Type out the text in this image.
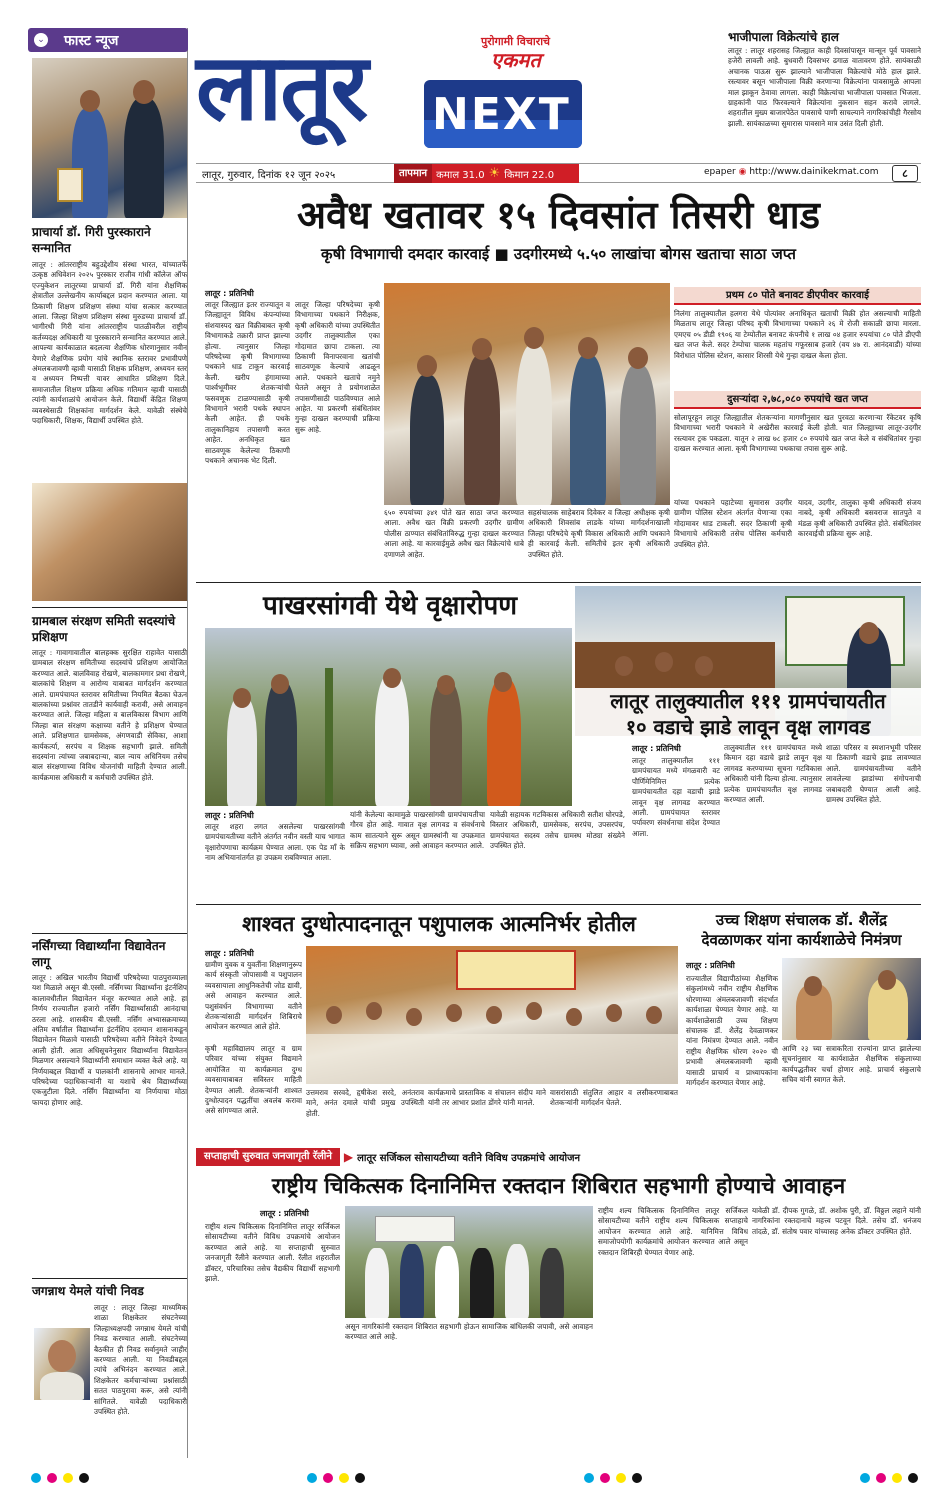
⌄ फास्ट न्यूज
प्राचार्या डॉ. गिरी पुरस्काराने सन्मानित
लातूर : आंतरराष्ट्रीय बहुउद्देशीय संस्था भारत, यांच्यातर्फे उत्कृष्ठ अधिवेशन २०२५ पुरस्कार राजीव गांधी कॉलेज ऑफ एज्युकेशन लातूरच्या प्राचार्या डॉ. गिरी यांना शैक्षणिक क्षेत्रातील उल्लेखनीय कार्याबद्दल प्रदान करण्यात आला. या ठिकाणी शिक्षण प्रशिक्षण संस्था यांचा सत्कार करण्यात आला. जिल्हा शिक्षण प्रशिक्षण संस्था मुरुडच्या प्राचार्या डॉ. भागीरथी गिरी यांना आंतरराष्ट्रीय पातळीवरील राष्ट्रीय कर्तव्यदक्ष अधिकारी या पुरस्काराने सन्मानित करण्यात आले. आपल्या कार्यकाळात बदलत्या शैक्षणिक धोरणानुसार नवीन येणारे शैक्षणिक प्रयोग यांचे स्थानिक स्तरावर प्रभावीपणे अंमलबजावणी व्हावी यासाठी शिक्षक प्रशिक्षण, अध्ययन स्तर व अध्ययन निष्पत्ती यावर आधारित प्रशिक्षण दिले. समाजातील शिक्षण प्रक्रिया अधिक गतिमान व्हावी यासाठी त्यांनी कार्यशाळांचे आयोजन केले. विद्यार्थी केंद्रित शिक्षण व्यवस्थेसाठी शिक्षकांना मार्गदर्शन केले. यावेळी संस्थेचे पदाधिकारी, शिक्षक, विद्यार्थी उपस्थित होते.
ग्रामबाल संरक्षण समिती सदस्यांचे प्रशिक्षण
लातूर : गावागावातील बालहक्क सुरक्षित राहावेत यासाठी ग्रामबाल संरक्षण समितीच्या सदस्यांचे प्रशिक्षण आयोजित करण्यात आले. बालविवाह रोखणे, बालकामगार प्रथा रोखणे, बालकांचे शिक्षण व आरोग्य याबाबत मार्गदर्शन करण्यात आले. ग्रामपंचायत स्तरावर समितीच्या नियमित बैठका घेऊन बालकांच्या प्रश्नांवर तातडीने कार्यवाही करावी, असे आवाहन करण्यात आले. जिल्हा महिला व बालविकास विभाग आणि जिल्हा बाल संरक्षण कक्षाच्या वतीने हे प्रशिक्षण घेण्यात आले. प्रशिक्षणात ग्रामसेवक, अंगणवाडी सेविका, आशा कार्यकर्त्या, सरपंच व शिक्षक सहभागी झाले. समिती सदस्यांना त्यांच्या जबाबदाऱ्या, बाल न्याय अधिनियम तसेच बाल संरक्षणाच्या विविध योजनांची माहिती देण्यात आली. कार्यक्रमास अधिकारी व कर्मचारी उपस्थित होते.
नर्सिंगच्या विद्यार्थ्यांना विद्यावेतन लागू
लातूर : अखिल भारतीय विद्यार्थी परिषदेच्या पाठपुराव्याला यश मिळाले असून बी.एस्सी. नर्सिंगच्या विद्यार्थ्यांना इंटर्नशिप कालावधीतील विद्यावेतन मंजूर करण्यात आले आहे. हा निर्णय राज्यातील हजारो नर्सिंग विद्यार्थ्यांसाठी आनंदाचा ठरला आहे. शासकीय बी.एस्सी. नर्सिंग अभ्यासक्रमाच्या अंतिम वर्षातील विद्यार्थ्यांना इंटर्नशिप दरम्यान शासनाकडून विद्यावेतन मिळावे यासाठी परिषदेच्या वतीने निवेदने देण्यात आली होती. आता अधिसूचनेनुसार विद्यार्थ्यांना विद्यावेतन मिळणार असल्याने विद्यार्थ्यांनी समाधान व्यक्त केले आहे. या निर्णयाबद्दल विद्यार्थी व पालकांनी शासनाचे आभार मानले. परिषदेच्या पदाधिकाऱ्यांनी या यशाचे श्रेय विद्यार्थ्यांच्या एकजुटीला दिले. नर्सिंग विद्यार्थ्यांना या निर्णयाचा मोठा फायदा होणार आहे.
जगन्नाथ येमले यांची निवड
लातूर : लातूर जिल्हा माध्यमिक शाळा शिक्षकेतर संघटनेच्या जिल्हाध्यक्षपदी जगन्नाथ येमले यांची निवड करण्यात आली. संघटनेच्या बैठकीत ही निवड सर्वानुमते जाहीर करण्यात आली. या निवडीबद्दल त्यांचे अभिनंदन करण्यात आले. शिक्षकेतर कर्मचाऱ्यांच्या प्रश्नांसाठी सतत पाठपुरावा करू, असे त्यांनी सांगितले. यावेळी पदाधिकारी उपस्थित होते.
लातूर	पुरोगामी विचाराचे
एकमत
NEXT
लातूर, गुरुवार, दिनांक १२ जून २०२५	तापमान कमाल 31.0 ☀ किमान 22.0	epaper ◉ http://www.dainikekmat.com	८
भाजीपाला विक्रेत्यांचे हाल
लातूर : लातूर शहरासह जिल्ह्यात काही दिवसांपासून मान्सून पूर्व पावसाने हजेरी लावली आहे. बुधवारी दिवसभर ढगाळ वातावरण होते. सायंकाळी अचानक पाऊस सुरू झाल्याने भाजीपाला विक्रेत्यांचे मोठे हाल झाले. रस्त्यावर बसून भाजीपाला विक्री करणाऱ्या विक्रेत्यांना पावसामुळे आपला माल झाकून ठेवावा लागला. काही विक्रेत्यांचा भाजीपाला पावसात भिजला. ग्राहकांनी पाठ फिरवल्याने विक्रेत्यांना नुकसान सहन करावे लागले. शहरातील मुख्य बाजारपेठेत पावसाचे पाणी साचल्याने नागरिकांचीही गैरसोय झाली. सायंकाळच्या सुमारास पावसाने मात्र उसंत दिली होती.
अवैध खतावर १५ दिवसांत तिसरी धाड
कृषी विभागाची दमदार कारवाई ■ उदगीरमध्ये ५.५० लाखांचा बोगस खताचा साठा जप्त
लातूर : प्रतिनिधी
लातूर जिल्ह्यात इतर राज्यातून व जिल्ह्यातून विविध कंपन्यांच्या संशयास्पद खत विक्रीबाबत कृषी विभागाकडे तक्रारी प्राप्त झाल्या होत्या. त्यानुसार जिल्हा परिषदेच्या कृषी विभागाच्या पथकाने धाड टाकून कारवाई केली. खरीप हंगामाच्या पार्श्वभूमीवर शेतकऱ्यांची फसवणूक टाळण्यासाठी कृषी विभागाने भरारी पथके स्थापन केली आहेत. ही पथके तालुकानिहाय तपासणी करत आहेत. अनधिकृत खत साठवणूक केलेल्या ठिकाणी पथकाने अचानक भेट दिली.
लातूर जिल्हा परिषदेच्या कृषी विभागाच्या पथकाने निरीक्षक, कृषी अधिकारी यांच्या उपस्थितीत उदगीर तालुक्यातील एका गोदामात छापा टाकला. त्या ठिकाणी विनापरवाना खतांची साठवणूक केल्याचे आढळून आले. पथकाने खताचे नमुने घेतले असून ते प्रयोगशाळेत तपासणीसाठी पाठविण्यात आले आहेत. या प्रकरणी संबंधितांवर गुन्हा दाखल करण्याची प्रक्रिया सुरू आहे.
६५० रुपयांच्या ३४१ पोते खत साठा जप्त करण्यात आला. अवैध खत विक्री प्रकरणी उदगीर ग्रामीण पोलीस ठाण्यात संबंधितांविरुद्ध गुन्हा दाखल करण्यात आला आहे. या कारवाईमुळे अवैध खत विक्रेत्यांचे धाबे दणाणले आहेत.
सहसंचालक साहेबराव दिवेकर व जिल्हा अधीक्षक कृषी अधिकारी शिवसांब लाडके यांच्या मार्गदर्शनाखाली जिल्हा परिषदेचे कृषी विकास अधिकारी आणि पथकाने ही कारवाई केली. समितीचे इतर कृषी अधिकारी उपस्थित होते.
प्रथम ८० पोते बनावट डीएपीवर कारवाई
निलंगा तालुक्यातील हलगरा येथे पोत्यांवर अनाधिकृत खताची विक्री होत असल्याची माहिती मिळताच लातूर जिल्हा परिषद कृषी विभागाच्या पथकाने २६ मे रोजी सकाळी छापा मारला. एमएच ०५ डीडी १९०६ या टेम्पोतील बनावट कंपनीचे १ लाख ०४ हजार रुपयांचा ८० पोते डीएपी खत जप्त केले. सदर टेम्पोचा चालक महतांच गफूरसाब हजारे (वय ४७ रा. आनंदवाडी) यांच्या विरोधात पोलिस स्टेशन, कासार शिरसी येथे गुन्हा दाखल केला होता.
दुसऱ्यांदा २,७८,०८० रुपयांचे खत जप्त
सोलापूरहून लातूर जिल्ह्यातील शेतकऱ्यांना मागणीनुसार खत पुरवठा करणाऱ्या रॅकेटवर कृषि विभागाच्या भरारी पथकाने मे अखेरीस कारवाई केली होती. यात जिल्ह्याच्या लातूर-उदगीर रस्त्यावर ट्रक पकडला. यातून २ लाख ७८ हजार ८० रुपयांचे खत जप्त केले व संबंधितांवर गुन्हा दाखल करण्यात आला. कृषी विभागाच्या पथकाचा तपास सुरू आहे.
यांच्या पथकाने पहाटेच्या सुमारास उदगीर ग्रामीण पोलिस स्टेशन अंतर्गत येणाऱ्या एका गोदामावर धाड टाकली. सदर ठिकाणी कृषी विभागाचे अधिकारी तसेच पोलिस कर्मचारी उपस्थित होते.
यादव, उदगीर, तालुका कृषी अधिकारी संजय नाबदे, कृषी अधिकारी बसवराज सातपुते व मंडळ कृषी अधिकारी उपस्थित होते. संबंधितांवर कारवाईची प्रक्रिया सुरू आहे.
पाखरसांगवी येथे वृक्षारोपण
लातूर : प्रतिनिधी
लातूर शहरा लगत असलेल्या पाखरसांगवी ग्रामपंचायतीच्या वतीने अंतर्गत नवीन वस्ती याच भागात वृक्षारोपणाचा कार्यक्रम घेण्यात आला. एक पेड माँ के नाम अभियानांतर्गत हा उपक्रम राबविण्यात आला.
यांनी केलेल्या कामामुळे पाखरसांगवी ग्रामपंचायतीचा गौरव होत आहे. गावात वृक्ष लागवड व संवर्धनाचे काम सातत्याने सुरू असून ग्रामस्थांनी या उपक्रमात सक्रिय सहभाग घ्यावा, असे आवाहन करण्यात आले.
यावेळी सहायक गटविकास अधिकारी सतीश घोरपडे, विस्तार अधिकारी, ग्रामसेवक, सरपंच, उपसरपंच, ग्रामपंचायत सदस्य तसेच ग्रामस्थ मोठ्या संख्येने उपस्थित होते.
लातूर तालुक्यातील १११ ग्रामपंचायतीत
१० वडाचे झाडे लावून वृक्ष लागवड
लातूर : प्रतिनिधी
लातूर तालुक्यातील १११ ग्रामपंचायत मध्ये मंगळवारी वट पौर्णिमेनिमित्त प्रत्येक ग्रामपंचायतीत दहा वडाची झाडे लावून वृक्ष लागवड करण्यात आली. ग्रामपंचायत स्तरावर पर्यावरण संवर्धनाचा संदेश देण्यात आला.
तालुक्यातील १११ ग्रामपंचायत मध्ये किमान दहा वडाचे झाडे लावून वृक्ष लागवड करण्याच्या सूचना गटविकास अधिकारी यांनी दिल्या होत्या. त्यानुसार प्रत्येक ग्रामपंचायतीत वृक्ष लागवड करण्यात आली.
शाळा परिसर व स्मशानभूमी परिसर या ठिकाणी वडाचे झाड लावण्यात आले. ग्रामपंचायतीच्या वतीने लावलेल्या झाडांच्या संगोपनाची जबाबदारी घेण्यात आली आहे. ग्रामस्थ उपस्थित होते.
शाश्वत दुग्धोत्पादनातून पशुपालक आत्मनिर्भर होतील
लातूर : प्रतिनिधी
ग्रामीण युवक व युवतींना शिक्षणानुरूप कार्य संस्कृती जोपासावी व पशुपालन व्यवसायाला आधुनिकतेची जोड द्यावी, असे आवाहन करण्यात आले. पशुसंवर्धन विभागाच्या वतीने शेतकऱ्यांसाठी मार्गदर्शन शिबिराचे आयोजन करण्यात आले होते.
कृषी महाविद्यालय लातूर व ग्राम परिवार यांच्या संयुक्त विद्यमाने आयोजित या कार्यक्रमात दुग्ध व्यवसायाबाबत सविस्तर माहिती देण्यात आली. शेतकऱ्यांनी शाश्वत दुग्धोत्पादन पद्धतींचा अवलंब करावा असे सांगण्यात आले.
उत्तमराव सरवदे, हृषीकेश सरदे, अनंतराव माने, अनंत दमाले यांची प्रमुख उपस्थिती होती.
कार्यक्रमाचे प्रास्ताविक व संचालन संदीप माने यांनी तर आभार प्रशांत डोंगरे यांनी मानले.
वासरांसाठी संतुलित आहार व लसीकरणाबाबत शेतकऱ्यांनी मार्गदर्शन घेतले.
उच्च शिक्षण संचालक डॉ. शैलेंद्र
देवळाणकर यांना कार्यशाळेचे निमंत्रण
लातूर : प्रतिनिधी
राज्यातील विद्यापीठांच्या शैक्षणिक संकुलांमध्ये नवीन राष्ट्रीय शैक्षणिक धोरणाच्या अंमलबजावणी संदर्भात कार्यशाळा घेण्यात येणार आहे. या कार्यशाळेसाठी उच्च शिक्षण संचालक डॉ. शैलेंद्र देवळाणकर यांना निमंत्रण देण्यात आले. नवीन राष्ट्रीय शैक्षणिक धोरण २०२० ची प्रभावी अंमलबजावणी व्हावी यासाठी प्राचार्य व प्राध्यापकांना मार्गदर्शन करण्यात येणार आहे.
आणि २३ च्या सत्राकरिता राज्यांना प्राप्त झालेल्या सूचनांनुसार या कार्यशाळेत शैक्षणिक संकुलाच्या कार्यपद्धतीवर चर्चा होणार आहे. प्राचार्य संकुलाचे सचिव यांनी स्वागत केले.
सप्ताहाची सुरुवात जनजागृती रॅलीने	▶ लातूर सर्जिकल सोसायटीच्या वतीने विविध उपक्रमांचे आयोजन
राष्ट्रीय चिकित्सक दिनानिमित्त रक्तदान शिबिरात सहभागी होण्याचे आवाहन
लातूर : प्रतिनिधी
राष्ट्रीय शल्य चिकित्सक दिनानिमित्त लातूर सर्जिकल सोसायटीच्या वतीने विविध उपक्रमांचे आयोजन करण्यात आले आहे. या सप्ताहाची सुरुवात जनजागृती रॅलीने करण्यात आली. रॅलीत शहरातील डॉक्टर, परिचारिका तसेच वैद्यकीय विद्यार्थी सहभागी झाले.
असून नागरिकांनी रक्तदान शिबिरात सहभागी होऊन सामाजिक बांधिलकी जपावी, असे आवाहन करण्यात आले आहे.
राष्ट्रीय शल्य चिकित्सक दिनानिमित्त लातूर सर्जिकल सोसायटीच्या वतीने राष्ट्रीय शल्य चिकित्सक सप्ताहाचे आयोजन करण्यात आले आहे. यानिमित्त विविध समाजोपयोगी कार्यक्रमांचे आयोजन करण्यात आले असून रक्तदान शिबिरही घेण्यात येणार आहे.
यावेळी डॉ. दीपक गुगळे, डॉ. अशोक पुरी, डॉ. विठ्ठल लहाने यांनी नागरिकांना रक्तदानाचे महत्त्व पटवून दिले. तसेच डॉ. धनंजय तांदळे, डॉ. संतोष पवार यांच्यासह अनेक डॉक्टर उपस्थित होते.
